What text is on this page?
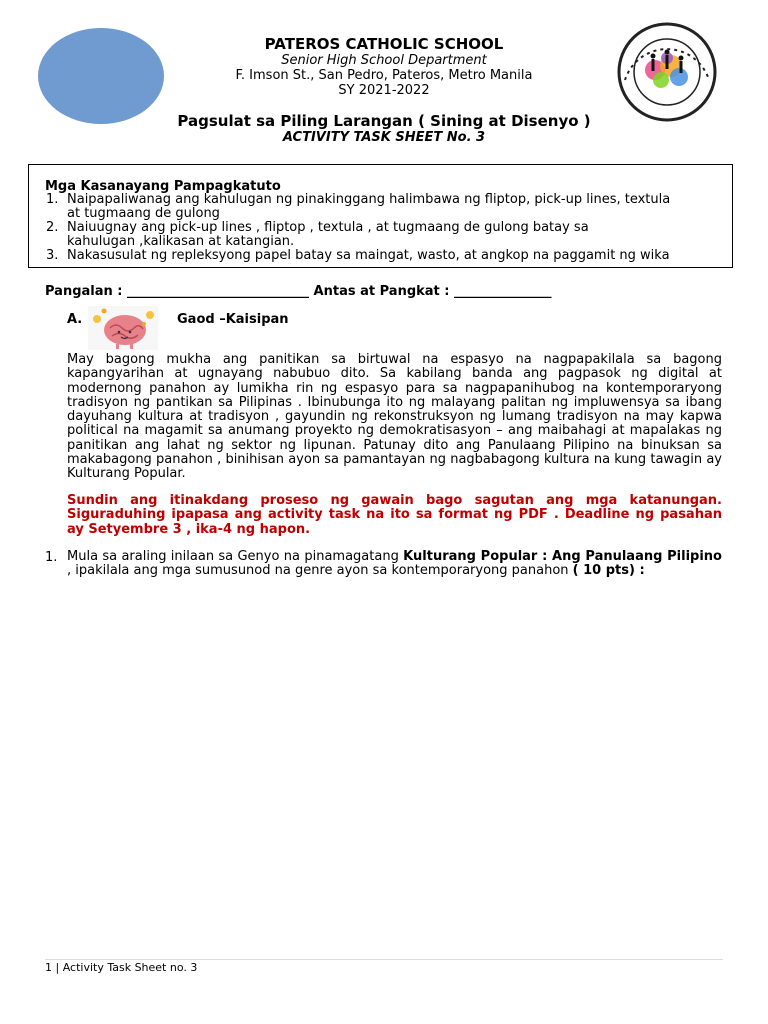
PATEROS CATHOLIC SCHOOL
Senior High School Department
F. Imson St., San Pedro, Pateros, Metro Manila
SY 2021-2022
Pagsulat sa Piling Larangan ( Sining at Disenyo )
ACTIVITY TASK SHEET No. 3
Mga Kasanayang Pampagkatuto
1. Naipapaliwanag ang kahulugan ng pinakinggang halimbawa ng fliptop, pick-up lines, textula
at tugmaang de gulong
2. Naiuugnay ang pick-up lines , fliptop , textula , at tugmaang de gulong batay sa
kahulugan ,kalikasan at katangian.
3. Nakasusulat ng repleksyong papel batay sa maingat, wasto, at angkop na paggamit ng wika
Pangalan : ____________________________ Antas at Pangkat : _______________
A.	Gaod –Kaisipan
May bagong mukha ang panitikan sa birtuwal na espasyo na nagpapakilala sa bagong kapangyarihan at ugnayang nabubuo dito. Sa kabilang banda ang pagpasok ng digital at modernong panahon ay lumikha rin ng espasyo para sa nagpapanihubog na kontemporaryong tradisyon ng pantikan sa Pilipinas . Ibinubunga ito ng malayang palitan ng impluwensya sa ibang dayuhang kultura at tradisyon , gayundin ng rekonstruksyon ng lumang tradisyon na may kapwa political na magamit sa anumang proyekto ng demokratisasyon – ang maibahagi at mapalakas ng panitikan ang lahat ng sektor ng lipunan. Patunay dito ang Panulaang Pilipino na binuksan sa makabagong panahon , binihisan ayon sa pamantayan ng nagbabagong kultura na kung tawagin ay Kulturang Popular.
Sundin ang itinakdang proseso ng gawain bago sagutan ang mga katanungan. Siguraduhing ipapasa ang activity task na ito sa format ng PDF . Deadline ng pasahan ay Setyembre 3 , ika-4 ng hapon.
1. Mula sa araling inilaan sa Genyo na pinamagatang Kulturang Popular : Ang Panulaang Pilipino , ipakilala ang mga sumusunod na genre ayon sa kontemporaryong panahon ( 10 pts) :
1 | Activity Task Sheet no. 3
